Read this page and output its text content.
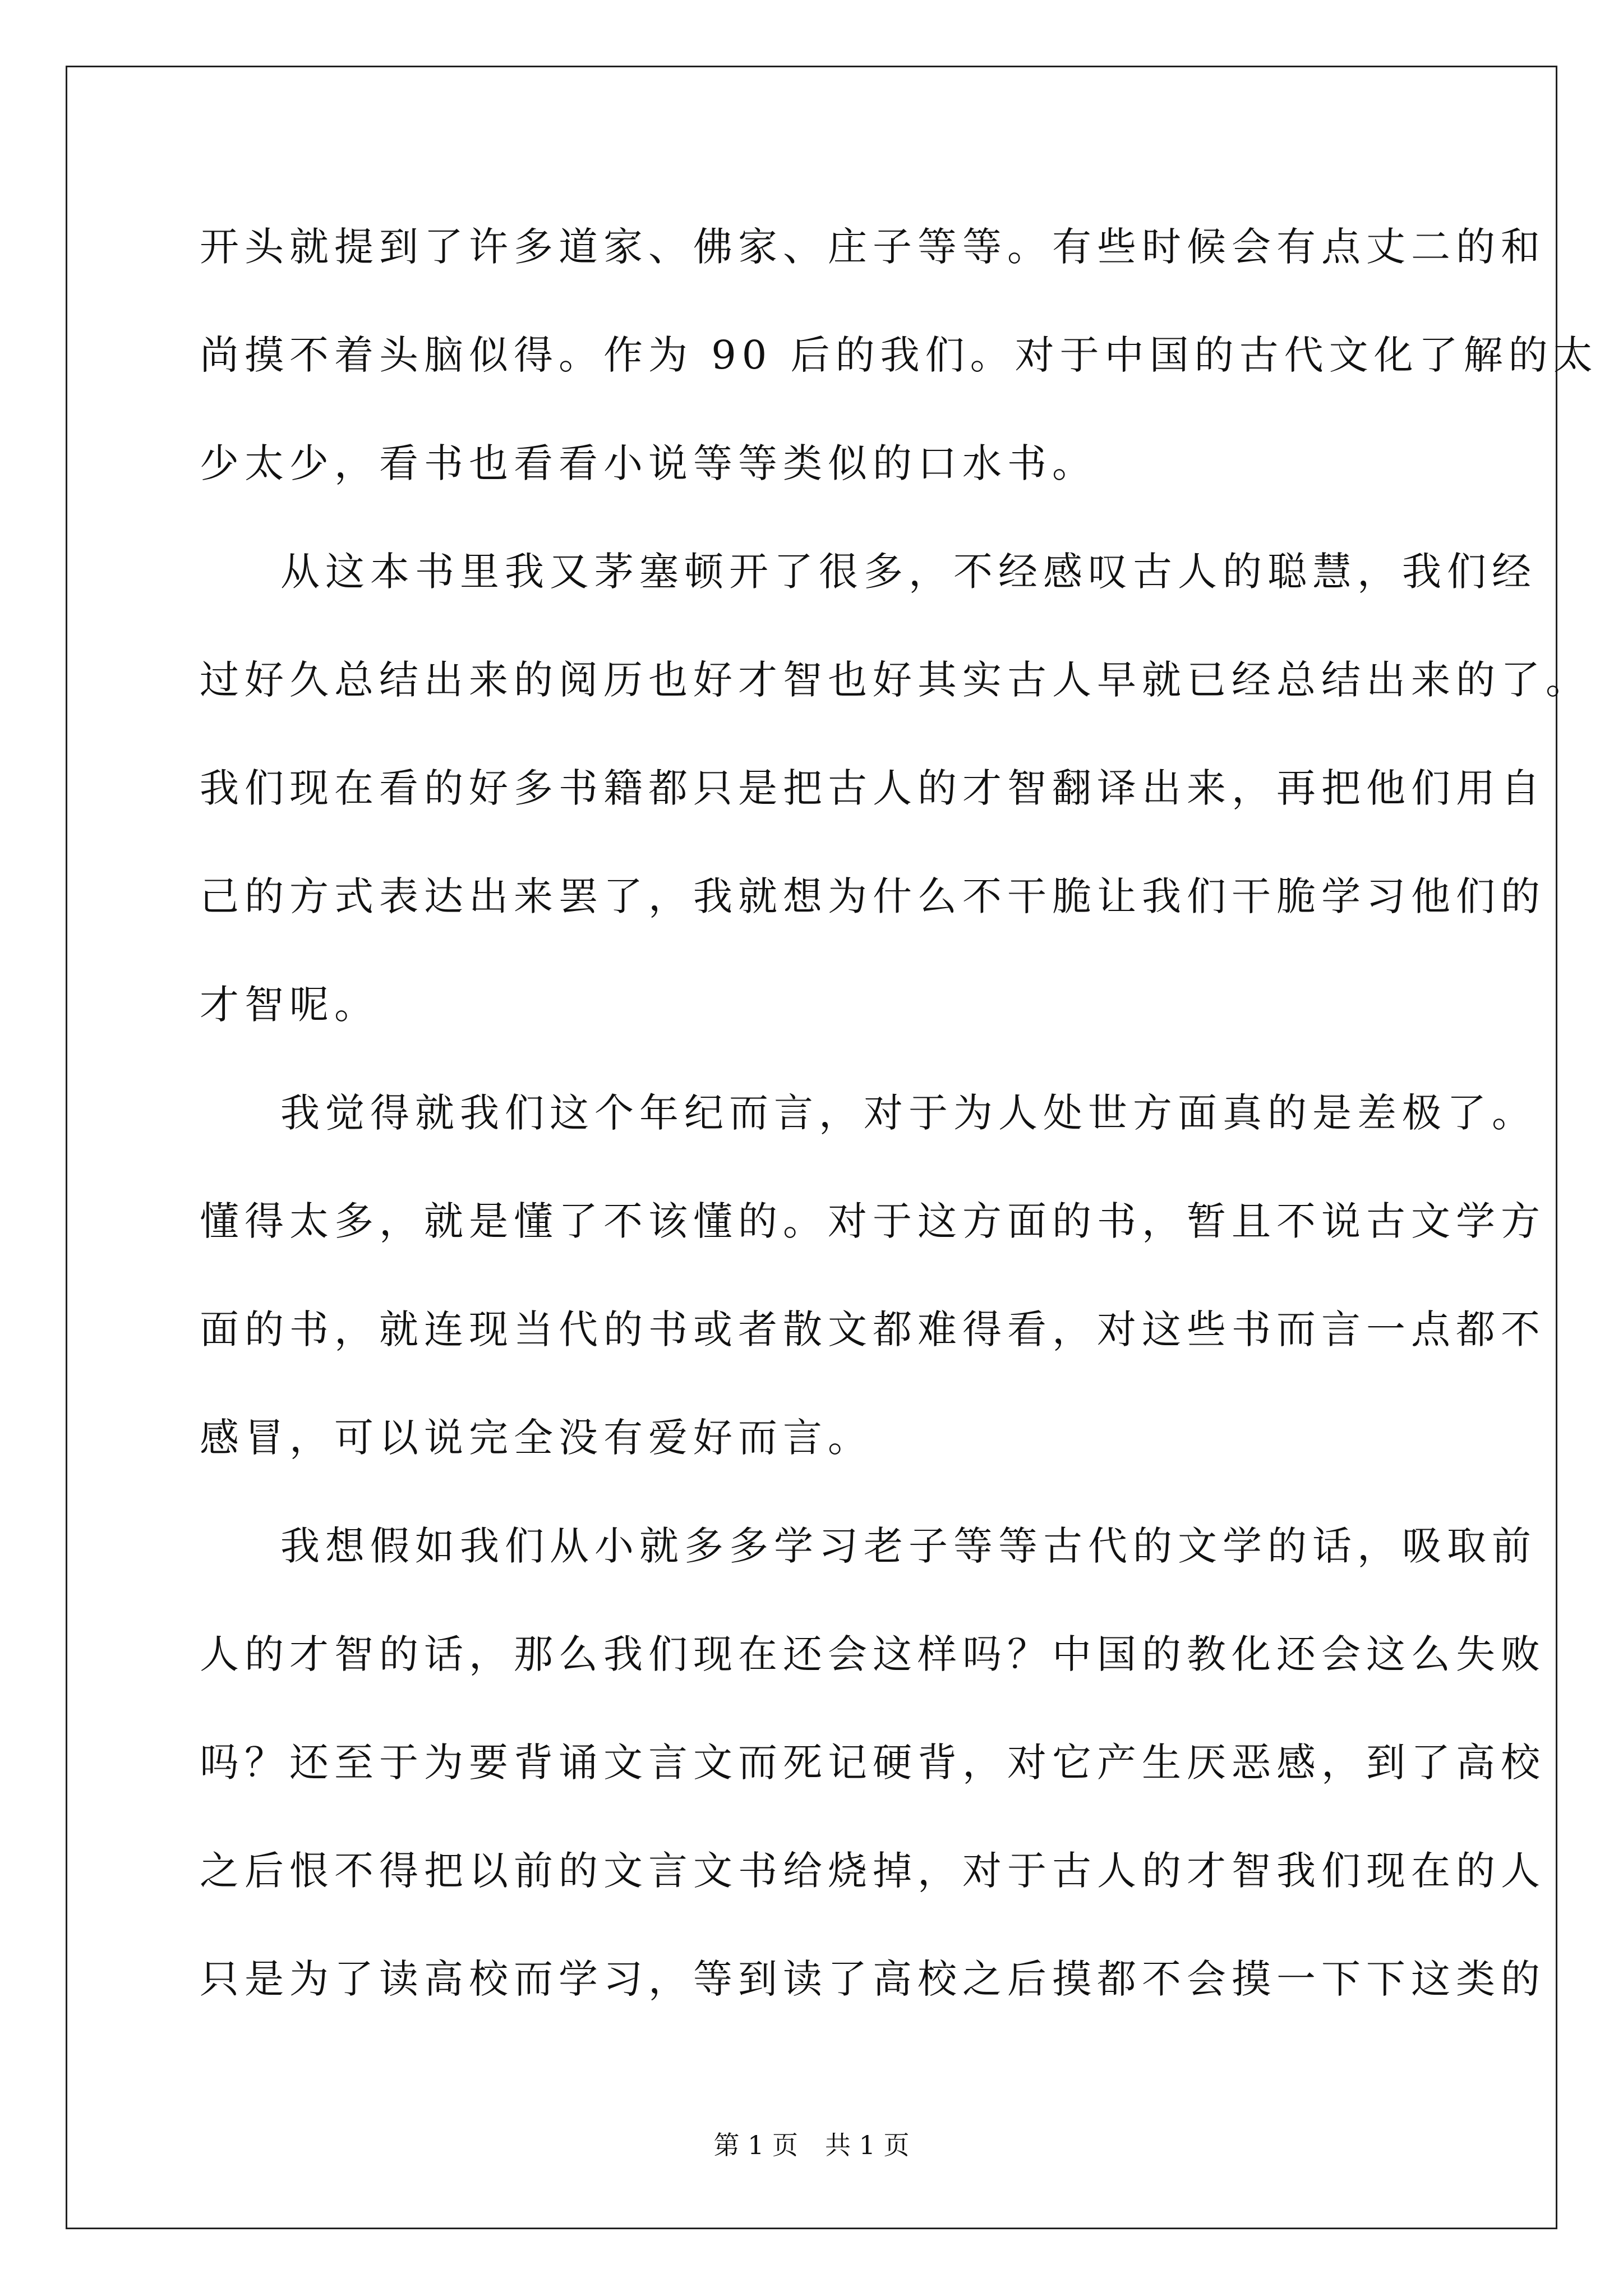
开头就提到了许多道家、佛家、庄子等等。有些时候会有点丈二的和
尚摸不着头脑似得。作为 90 后的我们。对于中国的古代文化了解的太
少太少，看书也看看小说等等类似的口水书。
从这本书里我又茅塞顿开了很多，不经感叹古人的聪慧，我们经
过好久总结出来的阅历也好才智也好其实古人早就已经总结出来的了。
我们现在看的好多书籍都只是把古人的才智翻译出来，再把他们用自
己的方式表达出来罢了，我就想为什么不干脆让我们干脆学习他们的
才智呢。
我觉得就我们这个年纪而言，对于为人处世方面真的是差极了。
懂得太多，就是懂了不该懂的。对于这方面的书，暂且不说古文学方
面的书，就连现当代的书或者散文都难得看，对这些书而言一点都不
感冒，可以说完全没有爱好而言。
我想假如我们从小就多多学习老子等等古代的文学的话，吸取前
人的才智的话，那么我们现在还会这样吗？中国的教化还会这么失败
吗？还至于为要背诵文言文而死记硬背，对它产生厌恶感，到了高校
之后恨不得把以前的文言文书给烧掉，对于古人的才智我们现在的人
只是为了读高校而学习，等到读了高校之后摸都不会摸一下下这类的
第 1 页 共 1 页
